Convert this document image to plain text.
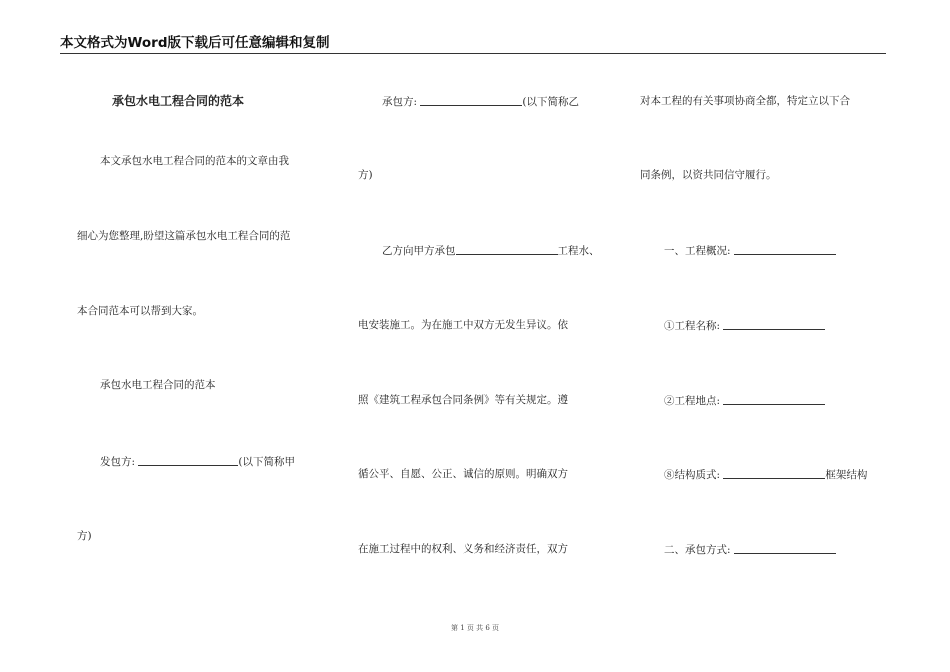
本文格式为Word版下载后可任意编辑和复制
承包水电工程合同的范本
本文承包水电工程合同的范本的文章由我
细心为您整理,盼望这篇承包水电工程合同的范
本合同范本可以帮到大家。
承包水电工程合同的范本
发包方:	(以下简称甲
方)
承包方:	(以下简称乙
方)
乙方向甲方承包	工程水、
电安装施工。为在施工中双方无发生异议。依
照《建筑工程承包合同条例》等有关规定。遵
循公平、自愿、公正、诚信的原则。明确双方
在施工过程中的权利、义务和经济责任，双方
对本工程的有关事项协商全都，特定立以下合
同条例，以资共同信守履行。
一、工程概况:
①工程名称:
②工程地点:
⑧结构质式:	框架结构
二、承包方式:
第 1 页 共 6 页
